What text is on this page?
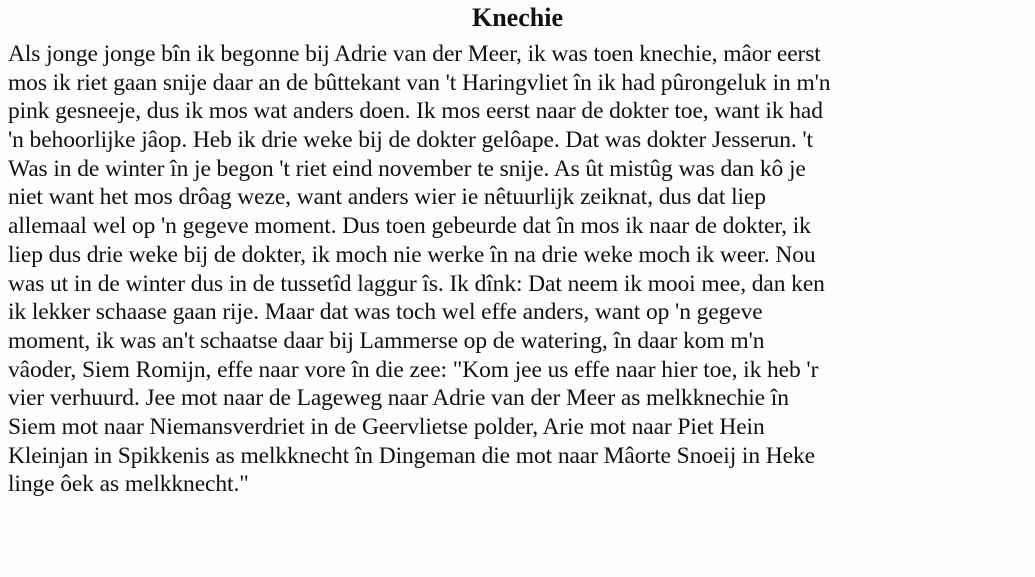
Knechie
Als jonge jonge bîn ik begonne bij Adrie van der Meer, ik was toen knechie, mâor eerst
mos ik riet gaan snije daar an de bûttekant van 't Haringvliet în ik had pûrongeluk in m'n
pink gesneeje, dus ik mos wat anders doen. Ik mos eerst naar de dokter toe, want ik had
'n behoorlijke jâop. Heb ik drie weke bij de dokter gelôape. Dat was dokter Jesserun. 't
Was in de winter în je begon 't riet eind november te snije. As ût mistûg was dan kô je
niet want het mos drôag weze, want anders wier ie nêtuurlijk zeiknat, dus dat liep
allemaal wel op 'n gegeve moment. Dus toen gebeurde dat în mos ik naar de dokter, ik
liep dus drie weke bij de dokter, ik moch nie werke în na drie weke moch ik weer. Nou
was ut in de winter dus in de tussetîd laggur îs. Ik dînk: Dat neem ik mooi mee, dan ken
ik lekker schaase gaan rije. Maar dat was toch wel effe anders, want op 'n gegeve
moment, ik was an't schaatse daar bij Lammerse op de watering, în daar kom m'n
vâoder, Siem Romijn, effe naar vore în die zee: "Kom jee us effe naar hier toe, ik heb 'r
vier verhuurd. Jee mot naar de Lageweg naar Adrie van der Meer as melkknechie în
Siem mot naar Niemansverdriet in de Geervlietse polder, Arie mot naar Piet Hein
Kleinjan in Spikkenis as melkknecht în Dingeman die mot naar Mâorte Snoeij in Heke
linge ôek as melkknecht."
